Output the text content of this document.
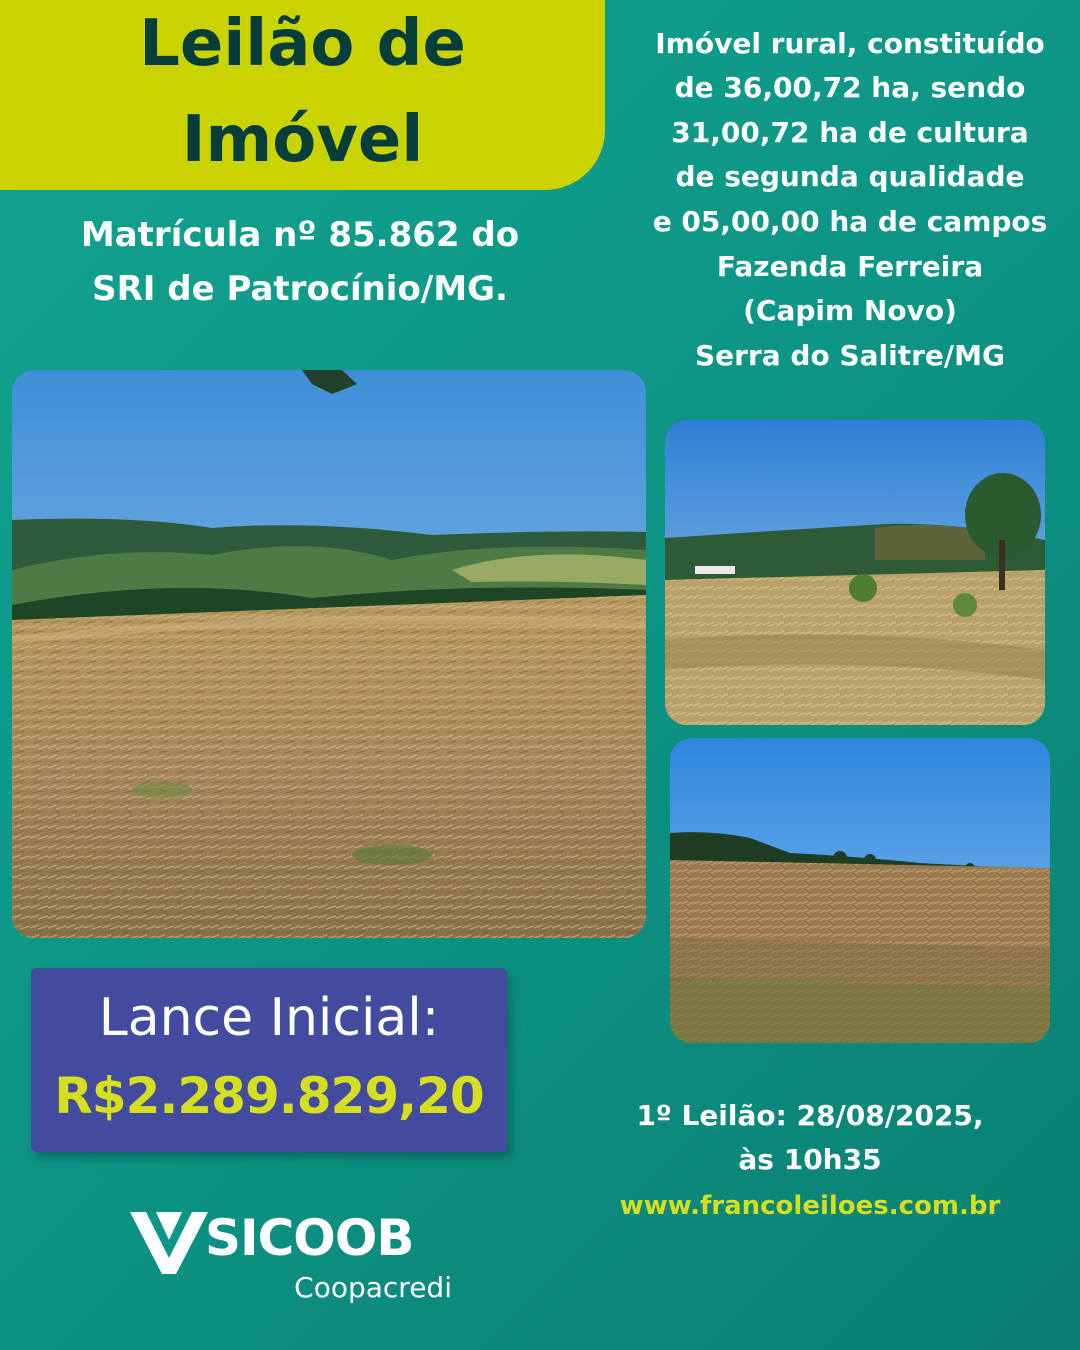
Leilão de
Imóvel
Matrícula nº 85.862 do
SRI de Patrocínio/MG.
Imóvel rural, constituído
de 36,00,72 ha, sendo
31,00,72 ha de cultura
de segunda qualidade
e 05,00,00 ha de campos
Fazenda Ferreira
(Capim Novo)
Serra do Salitre/MG
Lance Inicial:
R$2.289.829,20	1º Leilão: 28/08/2025,
às 10h35
www.francoleiloes.com.br
SICOOB
Coopacredi
